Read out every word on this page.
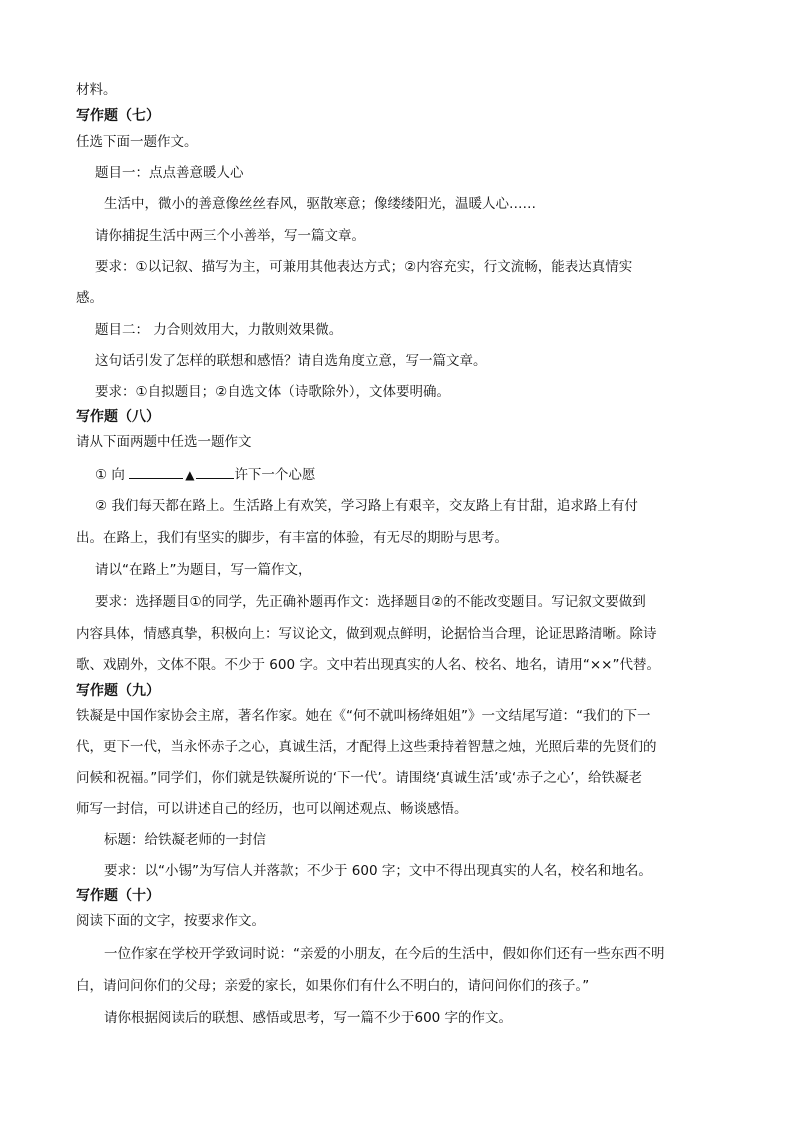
材料。
写作题（七）
任选下面一题作文。
题目一：点点善意暖人心
生活中，微小的善意像丝丝春风，驱散寒意；像缕缕阳光，温暖人心……
请你捕捉生活中两三个小善举，写一篇文章。
要求：①以记叙、描写为主，可兼用其他表达方式；②内容充实，行文流畅，能表达真情实
感。
题目二： 力合则效用大，力散则效果微。
这句话引发了怎样的联想和感悟？请自选角度立意，写一篇文章。
要求：①自拟题目；②自选文体（诗歌除外），文体要明确。
写作题（八）
请从下面两题中任选一题作文
① 向	▲	许下一个心愿
② 我们每天都在路上。生活路上有欢笑，学习路上有艰辛，交友路上有甘甜，追求路上有付
出。在路上，我们有坚实的脚步，有丰富的体验，有无尽的期盼与思考。
请以“在路上”为题目，写一篇作文，
要求：选择题目①的同学，先正确补题再作文：选择题目②的不能改变题目。写记叙文要做到
内容具体，情感真挚，积极向上：写议论文，做到观点鲜明，论据恰当合理，论证思路清晰。除诗
歌、戏剧外，文体不限。不少于 600 字。文中若出现真实的人名、校名、地名，请用“××”代替。
写作题（九）
铁凝是中国作家协会主席，著名作家。她在《“何不就叫杨绛姐姐”》一文结尾写道：“我们的下一
代，更下一代，当永怀赤子之心，真诚生活，才配得上这些秉持着智慧之烛，光照后辈的先贤们的
问候和祝福。”同学们，你们就是铁凝所说的‘下一代’。请围绕‘真诚生活’或‘赤子之心’，给铁凝老
师写一封信，可以讲述自己的经历，也可以阐述观点、畅谈感悟。
标题：给铁凝老师的一封信
要求：以“小锡”为写信人并落款；不少于 600 字；文中不得出现真实的人名，校名和地名。
写作题（十）
阅读下面的文字，按要求作文。
一位作家在学校开学致词时说：“亲爱的小朋友，在今后的生活中，假如你们还有一些东西不明
白，请问问你们的父母；亲爱的家长，如果你们有什么不明白的，请问问你们的孩子。”
请你根据阅读后的联想、感悟或思考，写一篇不少于600 字的作文。
